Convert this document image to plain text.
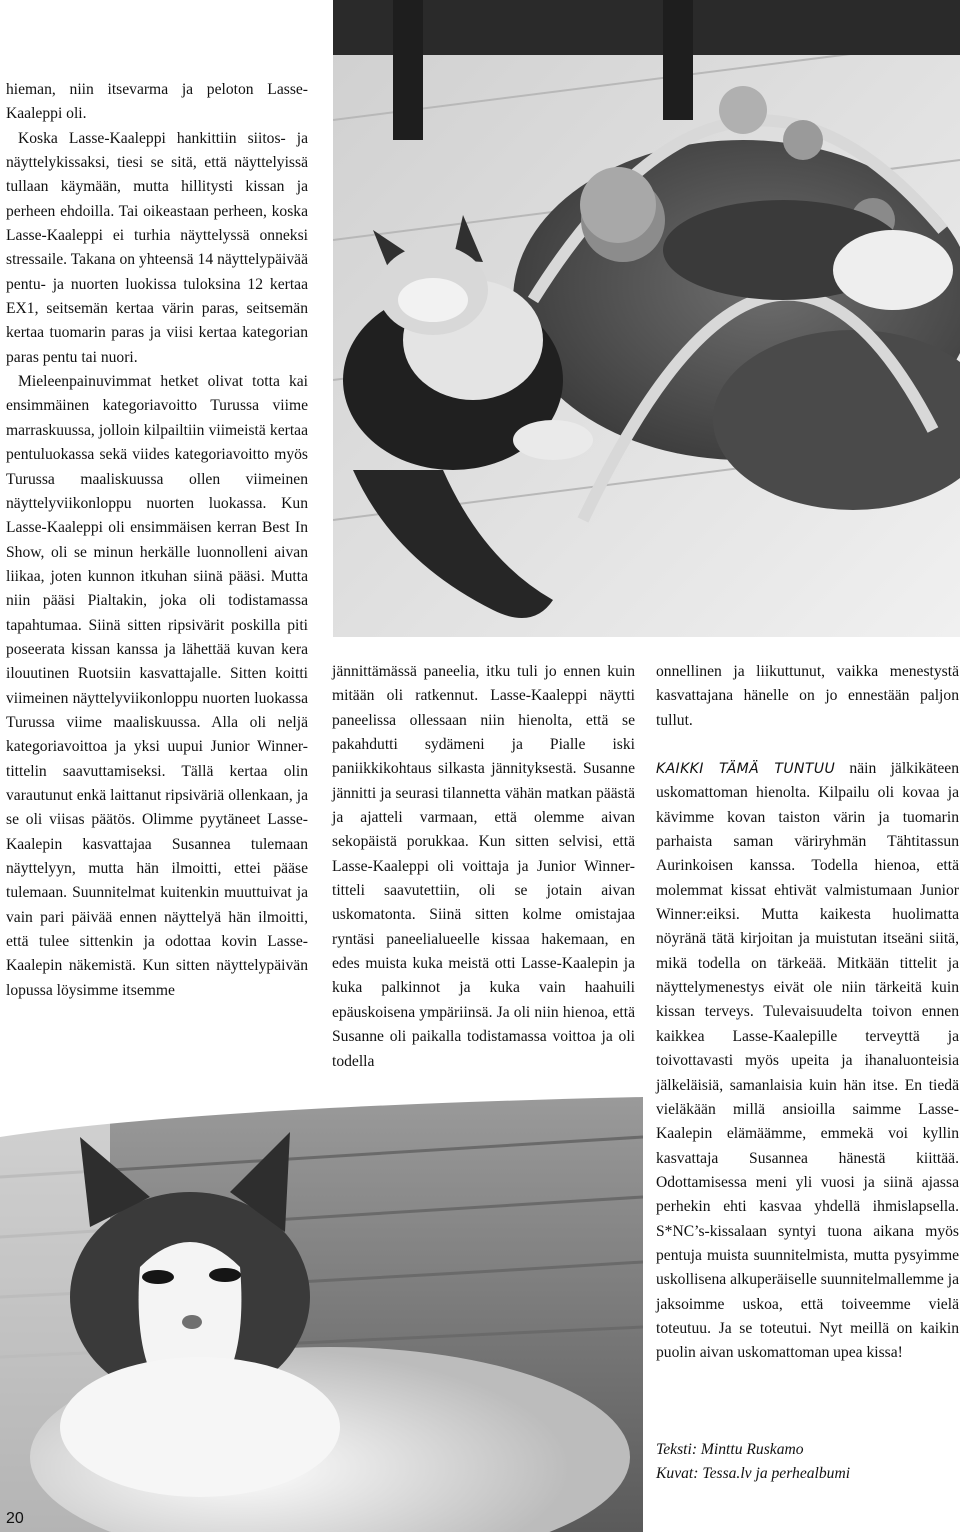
hieman, niin itsevarma ja peloton Lasse-Kaaleppi oli.

Koska Lasse-Kaaleppi hankittiin siitos- ja näyttelykissaksi, tiesi se sitä, että näyttelyissä tullaan käymään, mutta hillitysti kissan ja perheen ehdoilla. Tai oikeastaan perheen, koska Lasse-Kaaleppi ei turhia näyttelyssä onneksi stressaile. Takana on yhteensä 14 näyttelypäivää pentu- ja nuorten luokissa tuloksina 12 kertaa EX1, seitsemän kertaa värin paras, seitsemän kertaa tuomarin paras ja viisi kertaa kategorian paras pentu tai nuori.

Mieleenpainuvimmat hetket olivat totta kai ensimmäinen kategoriavoitto Turussa viime marraskuussa, jolloin kilpailtiin viimeistä kertaa pentuluokassa sekä viides kategoriavoitto myös Turussa maaliskuussa ollen viimeinen näyttelyviikonloppu nuorten luokassa. Kun Lasse-Kaaleppi oli ensimmäisen kerran Best In Show, oli se minun herkälle luonnolleni aivan liikaa, joten kunnon itkuhan siinä pääsi. Mutta niin pääsi Pialtakin, joka oli todistamassa tapahtumaa. Siinä sitten ripsivärit poskilla piti poseerata kissan kanssa ja lähettää kuvan kera ilouutinen Ruotsiin kasvattajalle. Sitten koitti viimeinen näyttelyviikonloppu nuorten luokassa Turussa viime maaliskuussa. Alla oli neljä kategoriavoittoa ja yksi uupui Junior Winner- tittelin saavuttamiseksi. Tällä kertaa olin varautunut enkä laittanut ripsiväriä ollenkaan, ja se oli viisas päätös. Olimme pyytäneet Lasse-Kaalepin kasvattajaa Susannea tulemaan näyttelyyn, mutta hän ilmoitti, ettei pääse tulemaan. Suunnitelmat kuitenkin muuttuivat ja vain pari päivää ennen näyttelyä hän ilmoitti, että tulee sittenkin ja odottaa kovin Lasse-Kaalepin näkemistä. Kun sitten näyttelypäivän lopussa löysimme itsemme

jännittämässä paneelia, itku tuli jo ennen kuin mitään oli ratkennut. Lasse-Kaaleppi näytti paneelissa ollessaan niin hienolta, että se pakahdutti sydämeni ja Pialle iski paniikkikohtaus silkasta jännityksestä. Susanne jännitti ja seurasi tilannetta vähän matkan päästä ja ajatteli varmaan, että olemme aivan sekopäistä porukkaa. Kun sitten selvisi, että Lasse-Kaaleppi oli voittaja ja Junior Winner-titteli saavutettiin, oli se jotain aivan uskomatonta. Siinä sitten kolme omistajaa ryntäsi paneelialueelle kissaa hakemaan, en edes muista kuka meistä otti Lasse-Kaalepin ja kuka palkinnot ja kuka vain haahuili epäuskoisena ympäriinsä. Ja oli niin hienoa, että Susanne oli paikalla todistamassa voittoa ja oli todella

onnellinen ja liikuttunut, vaikka menestystä kasvattajana hänelle on jo ennestään paljon tullut.

KAIKKI TÄMÄ TUNTUU näin jälkikäteen uskomattoman hienolta. Kilpailu oli kovaa ja kävimme kovan taiston värin ja tuomarin parhaista saman väriryhmän Tähtitassun Aurinkoisen kanssa. Todella hienoa, että molemmat kissat ehtivät valmistumaan Junior Winner:eiksi. Mutta kaikesta huolimatta nöyränä tätä kirjoitan ja muistutan itseäni siitä, mikä todella on tärkeää. Mitkään tittelit ja näyttelymenestys eivät ole niin tärkeitä kuin kissan terveys. Tulevaisuudelta toivon ennen kaikkea Lasse-Kaalepille terveyttä ja toivottavasti myös upeita ja ihanaluonteisia jälkeläisiä, samanlaisia kuin hän itse. En tiedä vieläkään millä ansioilla saimme Lasse-Kaalepin elämäämme, emmekä voi kyllin kasvattaja Susannea hänestä kiittää. Odottamisessa meni yli vuosi ja siinä ajassa perhekin ehti kasvaa yhdellä ihmislapsella. S*NC’s-kissalaan syntyi tuona aikana myös pentuja muista suunnitelmista, mutta pysyimme uskollisena alkuperäiselle suunnitelmallemme ja jaksoimme uskoa, että toiveemme vielä toteutuu. Ja se toteutui. Nyt meillä on kaikin puolin aivan uskomattoman upea kissa!

Teksti: Minttu Ruskamo
Kuvat: Tessa.lv ja perhealbumi
20
